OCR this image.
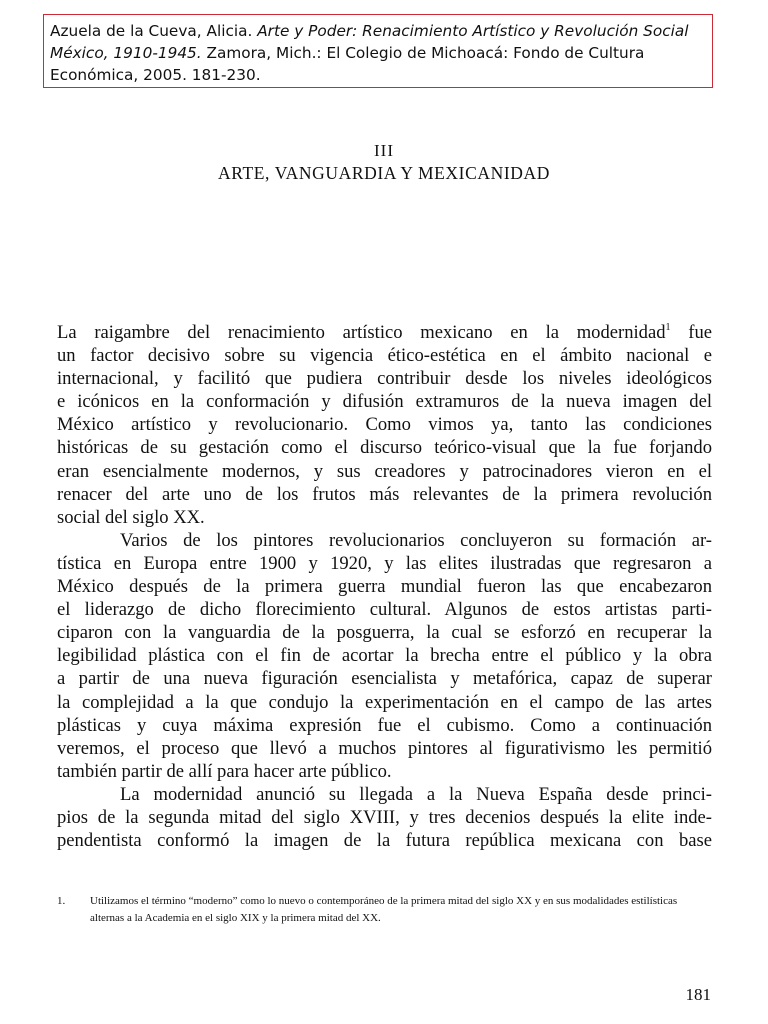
Azuela de la Cueva, Alicia. Arte y Poder: Renacimiento Artístico y Revolución Social México, 1910-1945. Zamora, Mich.: El Colegio de Michoacá: Fondo de Cultura Económica, 2005. 181-230.
III
ARTE, VANGUARDIA Y MEXICANIDAD

La raigambre del renacimiento artístico mexicano en la modernidad$^1$ fue
un factor decisivo sobre su vigencia ético-estética en el ámbito nacional e
internacional, y facilitó que pudiera contribuir desde los niveles ideológicos
e icónicos en la conformación y difusión extramuros de la nueva imagen del
México artístico y revolucionario. Como vimos ya, tanto las condiciones
históricas de su gestación como el discurso teórico-visual que la fue forjando
eran esencialmente modernos, y sus creadores y patrocinadores vieron en el
renacer del arte uno de los frutos más relevantes de la primera revolución
social del siglo XX.

Varios de los pintores revolucionarios concluyeron su formación ar-
tística en Europa entre 1900 y 1920, y las elites ilustradas que regresaron a
México después de la primera guerra mundial fueron las que encabezaron
el liderazgo de dicho florecimiento cultural. Algunos de estos artistas parti-
ciparon con la vanguardia de la posguerra, la cual se esforzó en recuperar la
legibilidad plástica con el fin de acortar la brecha entre el público y la obra
a partir de una nueva figuración esencialista y metafórica, capaz de superar
la complejidad a la que condujo la experimentación en el campo de las artes
plásticas y cuya máxima expresión fue el cubismo. Como a continuación
veremos, el proceso que llevó a muchos pintores al figurativismo les permitió
también partir de allí para hacer arte público.

La modernidad anunció su llegada a la Nueva España desde princi-
pios de la segunda mitad del siglo XVIII, y tres decenios después la elite inde-
pendentista conformó la imagen de la futura república mexicana con base

1. Utilizamos el término “moderno” como lo nuevo o contemporáneo de la primera mitad del siglo XX y en sus modalidades estilísticas alternas a la Academia en el siglo XIX y la primera mitad del XX.
181
